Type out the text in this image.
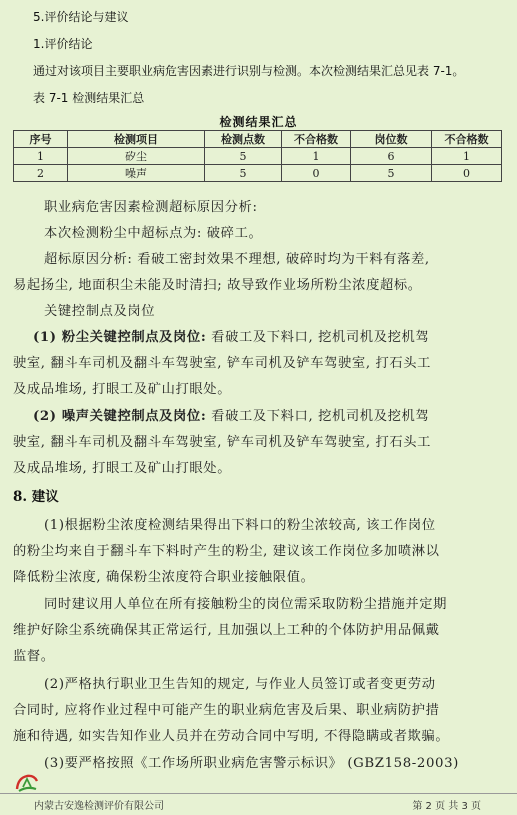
5.评价结论与建议
1.评价结论
通过对该项目主要职业病危害因素进行识别与检测。本次检测结果汇总见表 7-1。
表 7-1 检测结果汇总
检测结果汇总
序号	检测项目	检测点数	不合格数	岗位数	不合格数
1	矽尘	5	1	6	1
2	噪声	5	0	5	0
职业病危害因素检测超标原因分析:
本次检测粉尘中超标点为: 破碎工。
超标原因分析: 看破工密封效果不理想, 破碎时均为干料有落差,
易起扬尘, 地面积尘未能及时清扫; 故导致作业场所粉尘浓度超标。
关键控制点及岗位
(1) 粉尘关键控制点及岗位: 看破工及下料口, 挖机司机及挖机驾
驶室, 翻斗车司机及翻斗车驾驶室, 铲车司机及铲车驾驶室, 打石头工
及成品堆场, 打眼工及矿山打眼处。
(2) 噪声关键控制点及岗位: 看破工及下料口, 挖机司机及挖机驾
驶室, 翻斗车司机及翻斗车驾驶室, 铲车司机及铲车驾驶室, 打石头工
及成品堆场, 打眼工及矿山打眼处。
8. 建议
(1)根据粉尘浓度检测结果得出下料口的粉尘浓较高, 该工作岗位
的粉尘均来自于翻斗车下料时产生的粉尘, 建议该工作岗位多加喷淋以
降低粉尘浓度, 确保粉尘浓度符合职业接触限值。
同时建议用人单位在所有接触粉尘的岗位需采取防粉尘措施并定期
维护好除尘系统确保其正常运行, 且加强以上工种的个体防护用品佩戴
监督。
(2)严格执行职业卫生告知的规定, 与作业人员签订或者变更劳动
合同时, 应将作业过程中可能产生的职业病危害及后果、职业病防护措
施和待遇, 如实告知作业人员并在劳动合同中写明, 不得隐瞒或者欺骗。
(3)要严格按照《工作场所职业病危害警示标识》 (GBZ158-2003)
内蒙古安逸检测评价有限公司	第 2 页 共 3 页
